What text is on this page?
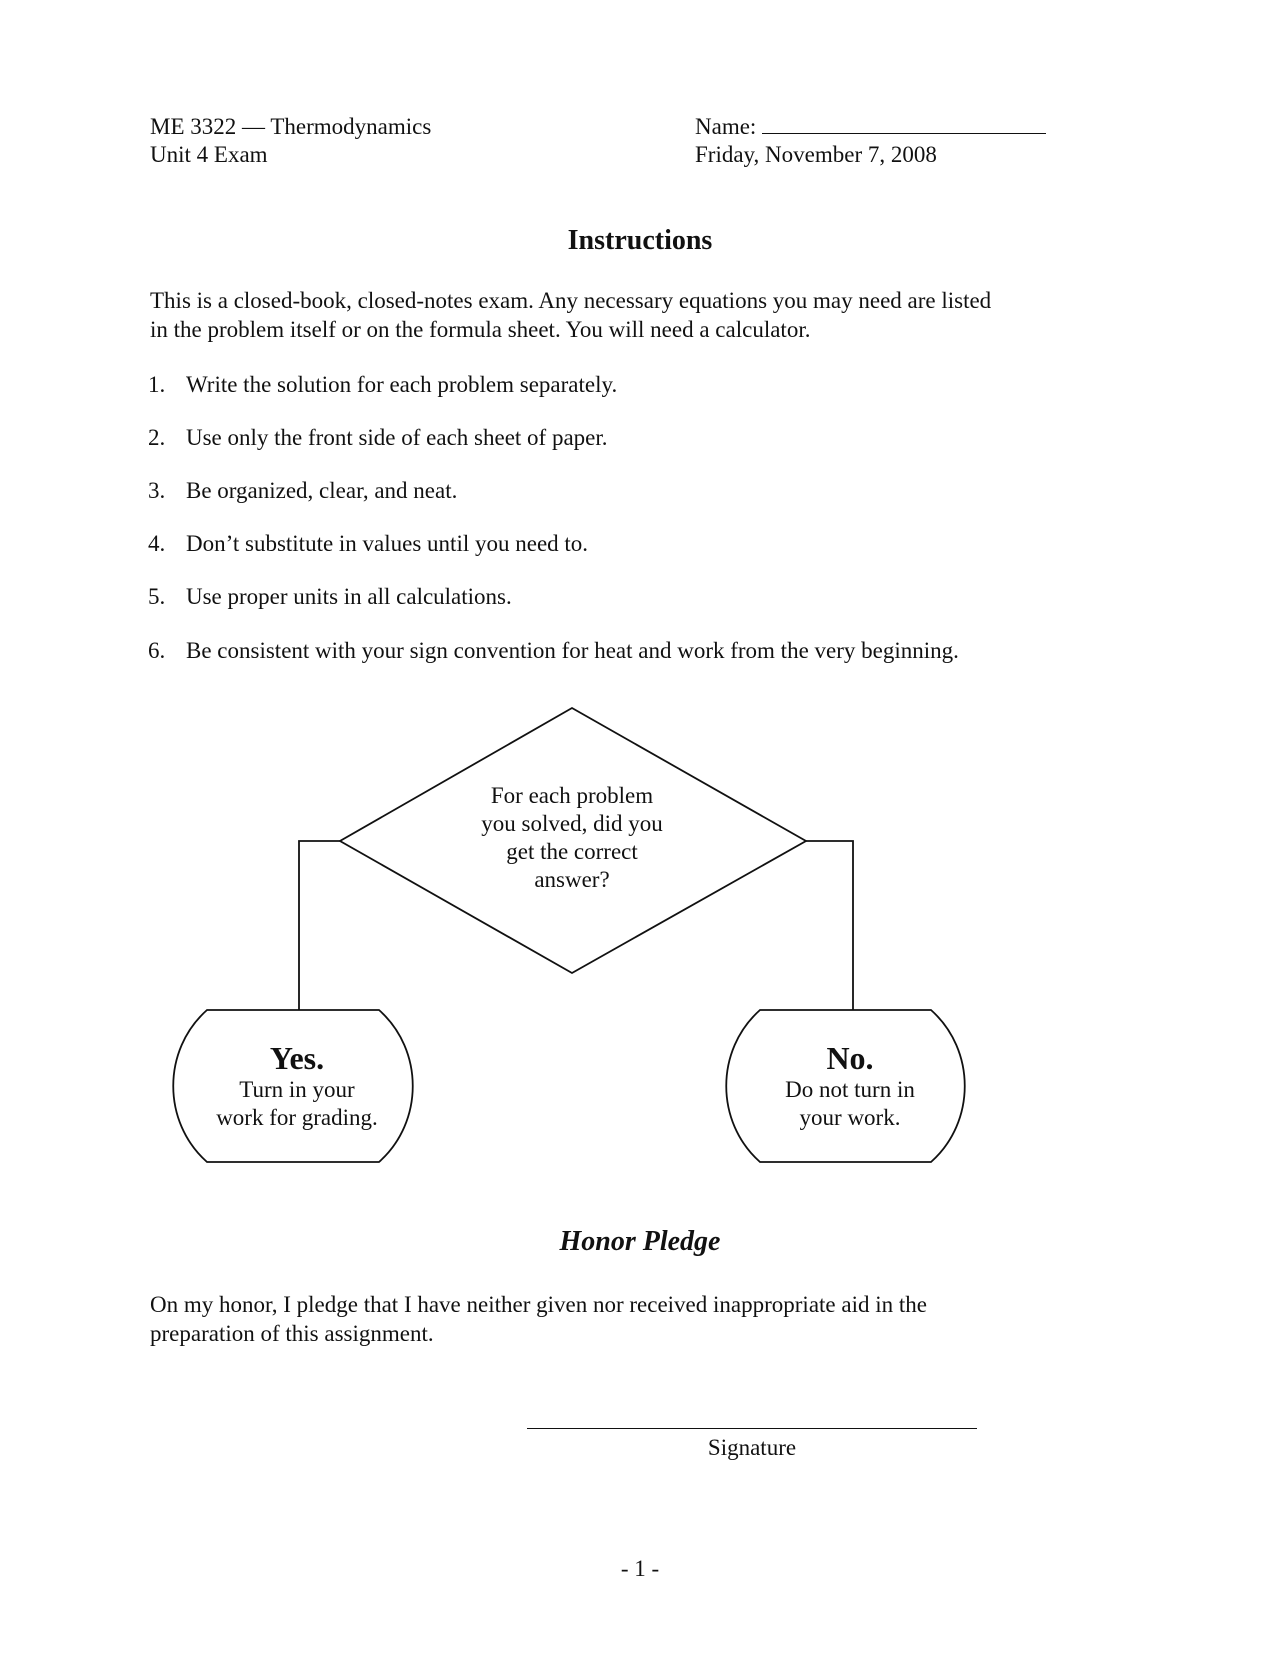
ME 3322 — Thermodynamics
Unit 4 Exam
Name:
Friday, November 7, 2008
Instructions
This is a closed-book, closed-notes exam. Any necessary equations you may need are listed
in the problem itself or on the formula sheet. You will need a calculator.
1. Write the solution for each problem separately.
2. Use only the front side of each sheet of paper.
3. Be organized, clear, and neat.
4. Don’t substitute in values until you need to.
5. Use proper units in all calculations.
6. Be consistent with your sign convention for heat and work from the very beginning.
For each problem
you solved, did you
get the correct
answer?
Yes.
Turn in your
work for grading.
No.
Do not turn in
your work.
Honor Pledge
On my honor, I pledge that I have neither given nor received inappropriate aid in the
preparation of this assignment.
Signature
- 1 -
